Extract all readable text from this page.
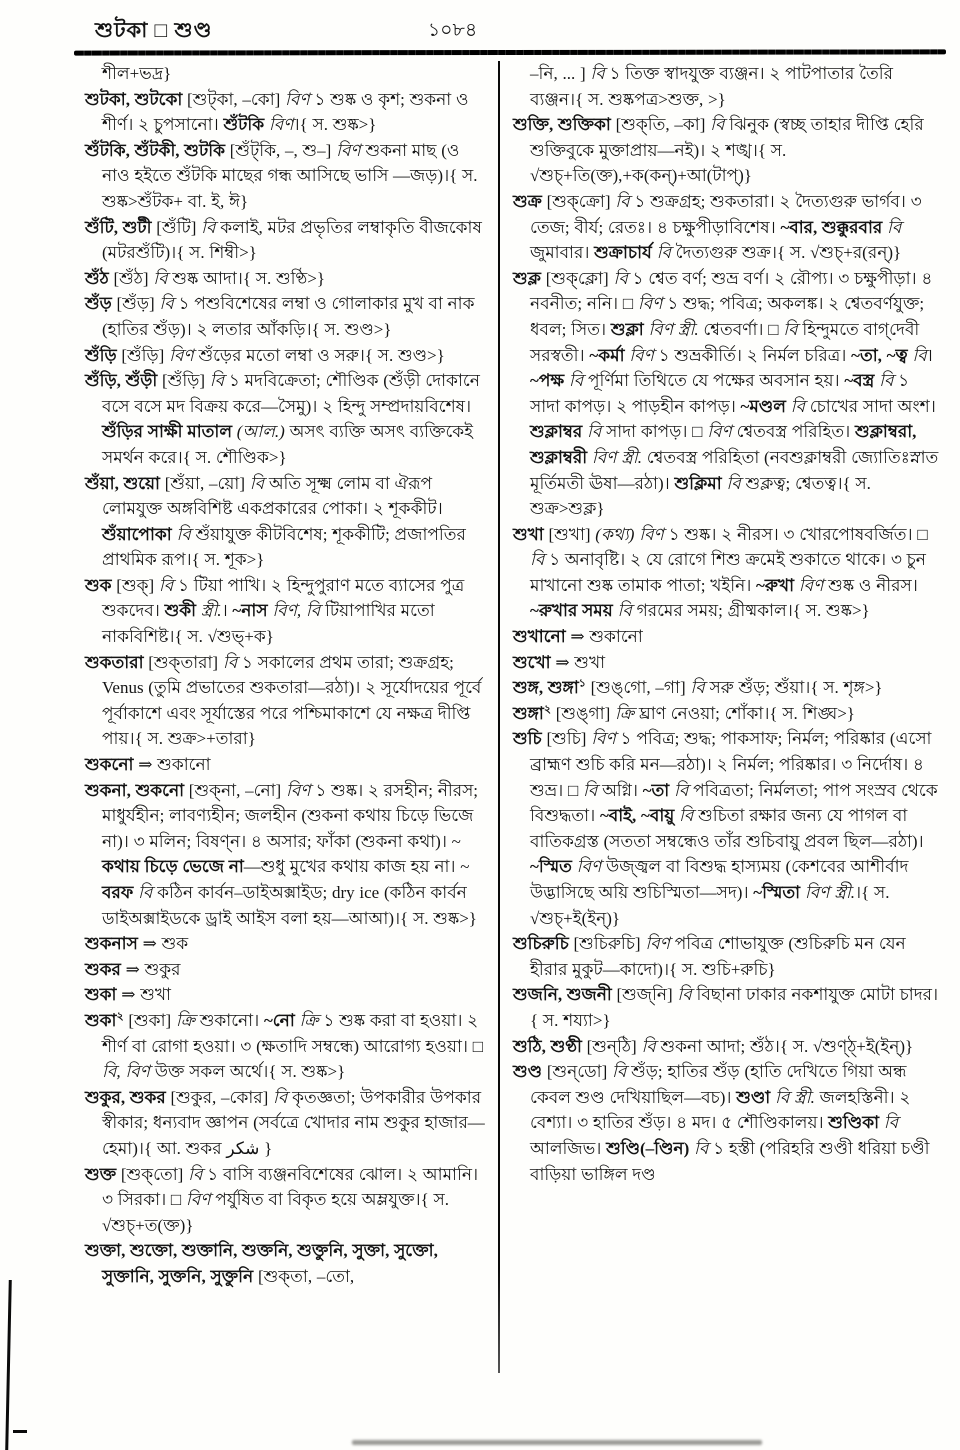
শুটকা □ শুণ্ড	১০৮৪
শীল+ভদ্র}
শুটকা, শুটকো [শুট্‌কা, –কো] বিণ ১ শুষ্ক ও কৃশ; শুকনা ও শীর্ণ। ২ চুপসানো। শুঁটকি বিণ।{ স. শুষ্ক>}
শুঁটকি, শুঁটকী, শুটকি [শুঁট্‌কি, –, শু–] বিণ শুকনা মাছ (ও নাও হইতে শুঁটকি মাছের গন্ধ আসিছে ভাসি —জড়)।{ স. শুষ্ক>শুঁটক+ বা. ই, ঈ}
শুঁটি, শুটী [শুঁটি] বি কলাই, মটর প্রভৃতির লম্বাকৃতি বীজকোষ (মটরশুঁটি)।{ স. শিম্বী>}
শুঁঠ [শুঁঠ] বি শুষ্ক আদা।{ স. শুণ্ঠি>}
শুঁড় [শুঁড়] বি ১ পশুবিশেষের লম্বা ও গোলাকার মুখ বা নাক (হাতির শুঁড়)। ২ লতার আঁকড়ি।{ স. শুণ্ড>}
শুঁড়ি [শুঁড়ি] বিণ শুঁড়ের মতো লম্বা ও সরু।{ স. শুণ্ড>}
শুঁড়ি, শুঁড়ী [শুঁড়ি] বি ১ মদবিক্রেতা; শৌণ্ডিক (শুঁড়ী দোকানে বসে বসে মদ বিক্রয় করে—সৈমু)। ২ হিন্দু সম্প্রদায়বিশেষ। শুঁড়ির সাক্ষী মাতাল (আল.) অসৎ ব্যক্তি অসৎ ব্যক্তিকেই সমর্থন করে।{ স. শৌণ্ডিক>}
শুঁয়া, শুয়ো [শুঁয়া, –য়ো] বি অতি সূক্ষ্ম লোম বা ঐরূপ লোমযুক্ত অঙ্গবিশিষ্ট একপ্রকারের পোকা। ২ শূককীট। শুঁয়াপোকা বি শুঁয়াযুক্ত কীটবিশেষ; শূককীটি; প্রজাপতির প্রাথমিক রূপ।{ স. শূক>}
শুক [শুক্‌] বি ১ টিয়া পাখি। ২ হিন্দুপুরাণ মতে ব্যাসের পুত্র শুকদেব। শুকী স্ত্রী.। ~নাস বিণ, বি টিয়াপাখির মতো নাকবিশিষ্ট।{ স. √শুভ্‌+ক}
শুকতারা [শুক্‌তারা] বি ১ সকালের প্রথম তারা; শুক্রগ্রহ; Venus (তুমি প্রভাতের শুকতারা—রঠা)। ২ সূর্যোদয়ের পূর্বে পূর্বাকাশে এবং সূর্যাস্তের পরে পশ্চিমাকাশে যে নক্ষত্র দীপ্তি পায়।{ স. শুক্র>+তারা}
শুকনো ⇒ শুকানো
শুকনা, শুকনো [শুক্‌না, –নো] বিণ ১ শুষ্ক। ২ রসহীন; নীরস; মাধুর্যহীন; লাবণ্যহীন; জলহীন (শুকনা কথায় চিড়ে ভিজে না)। ৩ মলিন; বিষণ্ন। ৪ অসার; ফাঁকা (শুকনা কথা)। ~ কথায় চিড়ে ভেজে না—শুধু মুখের কথায় কাজ হয় না। ~ বরফ বি কঠিন কার্বন–ডাইঅক্সাইড; dry ice (কঠিন কার্বন ডাইঅক্সাইডকে ড্রাই আইস বলা হয়—আআ)।{ স. শুষ্ক>}
শুকনাস ⇒ শুক
শুকর ⇒ শুকুর
শুকা ⇒ শুখা
শুকা$^২$ [শুকা] ক্রি শুকানো। ~নো ক্রি ১ শুষ্ক করা বা হওয়া। ২ শীর্ণ বা রোগা হওয়া। ৩ (ক্ষতাদি সম্বন্ধে) আরোগ্য হওয়া। □ বি, বিণ উক্ত সকল অর্থে।{ স. শুষ্ক>}
শুকুর, শুকর [শুকুর, –কোর] বি কৃতজ্ঞতা; উপকারীর উপকার স্বীকার; ধন্যবাদ জ্ঞাপন (সর্বত্রে খোদার নাম শুকুর হাজার—হেমা)।{ আ. শুকর شكر }
শুক্ত [শুক্‌তো] বি ১ বাসি ব্যঞ্জনবিশেষের ঝোল। ২ আমানি। ৩ সিরকা। □ বিণ পর্যুষিত বা বিকৃত হয়ে অম্লযুক্ত।{ স. √শুচ্‌+ত(ক্ত)}
শুক্তা, শুক্তো, শুক্তানি, শুক্তনি, শুক্তুনি, সুক্তা, সুক্তো, সুক্তানি, সুক্তনি, সুক্তুনি [শুক্‌তা, –তো,
–নি, ... ] বি ১ তিক্ত স্বাদযুক্ত ব্যঞ্জন। ২ পাটপাতার তৈরি ব্যঞ্জন।{ স. শুষ্কপত্র>শুক্ত, >}
শুক্তি, শুক্তিকা [শুক্‌তি, –কা] বি ঝিনুক (স্বচ্ছ তাহার দীপ্তি হেরি শুক্তিবুকে মুক্তাপ্রায়—নই)। ২ শঙ্খ।{ স. √শুচ্‌+তি(ক্ত),+ক(কন্‌)+আ(টাপ্‌)}
শুক্র [শুক্‌ক্রো] বি ১ শুক্রগ্রহ; শুকতারা। ২ দৈত্যগুরু ভার্গব। ৩ তেজ; বীর্য; রেতঃ। ৪ চক্ষুপীড়াবিশেষ। ~বার, শুক্কুরবার বি জুমাবার। শুক্রাচার্য বি দৈত্যগুরু শুক্র।{ স. √শুচ্‌+র(রন্‌)}
শুক্ল [শুক্‌ক্লো] বি ১ শ্বেত বর্ণ; শুভ্র বর্ণ। ২ রৌপ্য। ৩ চক্ষুপীড়া। ৪ নবনীত; ননি। □ বিণ ১ শুদ্ধ; পবিত্র; অকলঙ্ক। ২ শ্বেতবর্ণযুক্ত; ধবল; সিত। শুক্লা বিণ স্ত্রী. শ্বেতবর্ণা। □ বি হিন্দুমতে বাগ্‌দেবী সরস্বতী। ~কর্মা বিণ ১ শুভ্রকীর্তি। ২ নির্মল চরিত্র। ~তা, ~ত্ব বি। ~পক্ষ বি পূর্ণিমা তিথিতে যে পক্ষের অবসান হয়। ~বস্ত্র বি ১ সাদা কাপড়। ২ পাড়হীন কাপড়। ~মণ্ডল বি চোখের সাদা অংশ। শুক্লাম্বর বি সাদা কাপড়। □ বিণ শ্বেতবস্ত্র পরিহিত। শুক্লাম্বরা, শুক্লাম্বরী বিণ স্ত্রী. শ্বেতবস্ত্র পরিহিতা (নবশুক্লাম্বরী জ্যোতিঃস্নাত মূর্তিমতী ঊষা—রঠা)। শুক্লিমা বি শুক্লত্ব; শ্বেতত্ব।{ স. শুক্র>শুক্ল}
শুখা [শুখা] (কথ্য) বিণ ১ শুষ্ক। ২ নীরস। ৩ খোরপোষবর্জিত। □ বি ১ অনাবৃষ্টি। ২ যে রোগে শিশু ক্রমেই শুকাতে থাকে। ৩ চুন মাখানো শুষ্ক তামাক পাতা; খইনি। ~রুখা বিণ শুষ্ক ও নীরস। ~রুখার সময় বি গরমের সময়; গ্রীষ্মকাল।{ স. শুষ্ক>}
শুখানো ⇒ শুকানো
শুখো ⇒ শুখা
শুঙ্গ, শুঙ্গা$^১$ [শুঙ্‌গো, –গা] বি সরু শুঁড়; শুঁয়া।{ স. শৃঙ্গ>}
শুঙ্গা$^২$ [শুঙ্‌গা] ক্রি ঘ্রাণ নেওয়া; শোঁকা।{ স. শিঙ্ঘ>}
শুচি [শুচি] বিণ ১ পবিত্র; শুদ্ধ; পাকসাফ; নির্মল; পরিষ্কার (এসো ব্রাহ্মণ শুচি করি মন—রঠা)। ২ নির্মল; পরিষ্কার। ৩ নির্দোষ। ৪ শুভ্র। □ বি অগ্নি। ~তা বি পবিত্রতা; নির্মলতা; পাপ সংস্রব থেকে বিশুদ্ধতা। ~বাই, ~বায়ু বি শুচিতা রক্ষার জন্য যে পাগল বা বাতিকগ্রস্ত (সততা সম্বন্ধেও তাঁর শুচিবায়ু প্রবল ছিল—রঠা)। ~স্মিত বিণ উজ্জ্বল বা বিশুদ্ধ হাস্যময় (কেশবের আশীর্বাদ উদ্ভাসিছে অয়ি শুচিস্মিতা—সদ)। ~স্মিতা বিণ স্ত্রী.।{ স. √শুচ্‌+ই(ইন্‌)}
শুচিরুচি [শুচিরুচি] বিণ পবিত্র শোভাযুক্ত (শুচিরুচি মন যেন হীরার মুকুট—কাদো)।{ স. শুচি+রুচি}
শুজনি, শুজনী [শুজ্‌নি] বি বিছানা ঢাকার নকশাযুক্ত মোটা চাদর।{ স. শয্যা>}
শুঠি, শুণ্ঠী [শুন্‌ঠি] বি শুকনা আদা; শুঁঠ।{ স. √শুণ্ঠ্‌+ই(ইন্‌)}
শুণ্ড [শুন্‌ডো] বি শুঁড়; হাতির শুঁড় (হাতি দেখিতে গিয়া অন্ধ কেবল শুণ্ড দেখিয়াছিল—বচ)। শুণ্ডা বি স্ত্রী. জলহস্তিনী। ২ বেশ্যা। ৩ হাতির শুঁড়। ৪ মদ। ৫ শৌণ্ডিকালয়। শুণ্ডিকা বি আলজিভ। শুণ্ডি(–ণ্ডিন) বি ১ হস্তী (পরিহরি শুণ্ডী ধরিয়া চণ্ডী বাড়িয়া ভাঙ্গিল দণ্ড
